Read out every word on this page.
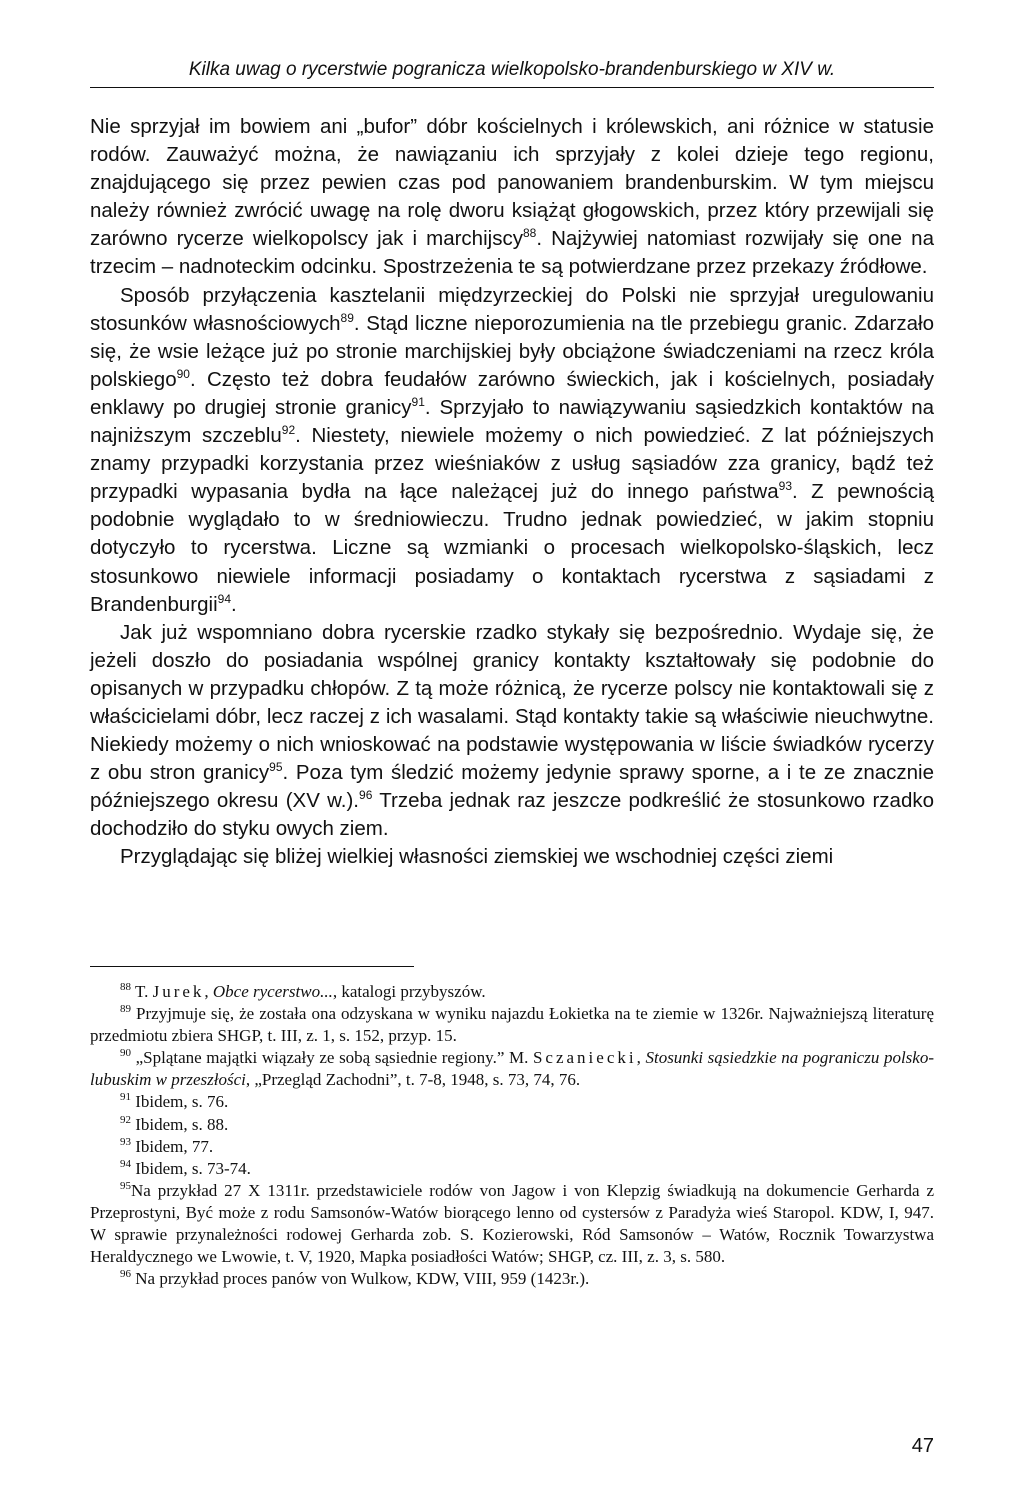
Kilka uwag o rycerstwie pogranicza wielkopolsko-brandenburskiego w XIV w.

Nie sprzyjał im bowiem ani „bufor” dóbr kościelnych i królewskich, ani różnice w statusie rodów. Zauważyć można, że nawiązaniu ich sprzyjały z kolei dzieje tego regionu, znajdującego się przez pewien czas pod panowaniem brandenburskim. W tym miejscu należy również zwrócić uwagę na rolę dworu książąt głogowskich, przez który przewijali się zarówno rycerze wielkopolscy jak i marchijscy$^{88}$. Najżywiej natomiast rozwijały się one na trzecim – nadnoteckim odcinku. Spostrzeżenia te są potwierdzane przez przekazy źródłowe.

Sposób przyłączenia kasztelanii międzyrzeckiej do Polski nie sprzyjał uregulowaniu stosunków własnościowych$^{89}$. Stąd liczne nieporozumienia na tle przebiegu granic. Zdarzało się, że wsie leżące już po stronie marchijskiej były obciążone świadczeniami na rzecz króla polskiego$^{90}$. Często też dobra feudałów zarówno świeckich, jak i kościelnych, posiadały enklawy po drugiej stronie granicy$^{91}$. Sprzyjało to nawiązywaniu sąsiedzkich kontaktów na najniższym szczeblu$^{92}$. Niestety, niewiele możemy o nich powiedzieć. Z lat późniejszych znamy przypadki korzystania przez wieśniaków z usług sąsiadów zza granicy, bądź też przypadki wypasania bydła na łące należącej już do innego państwa$^{93}$. Z pewnością podobnie wyglądało to w średniowieczu. Trudno jednak powiedzieć, w jakim stopniu dotyczyło to rycerstwa. Liczne są wzmianki o procesach wielkopolsko-śląskich, lecz stosunkowo niewiele informacji posiadamy o kontaktach rycerstwa z sąsiadami z Brandenburgii$^{94}$.

Jak już wspomniano dobra rycerskie rzadko stykały się bezpośrednio. Wydaje się, że jeżeli doszło do posiadania wspólnej granicy kontakty kształtowały się podobnie do opisanych w przypadku chłopów. Z tą może różnicą, że rycerze polscy nie kontaktowali się z właścicielami dóbr, lecz raczej z ich wasalami. Stąd kontakty takie są właściwie nieuchwytne. Niekiedy możemy o nich wnioskować na podstawie występowania w liście świadków rycerzy z obu stron granicy$^{95}$. Poza tym śledzić możemy jedynie sprawy sporne, a i te ze znacznie późniejszego okresu (XV w.).$^{96}$ Trzeba jednak raz jeszcze podkreślić że stosunkowo rzadko dochodziło do styku owych ziem.

Przyglądając się bliżej wielkiej własności ziemskiej we wschodniej części ziemi

$^{88}$ T. Jurek, Obce rycerstwo..., katalogi przybyszów.

$^{89}$ Przyjmuje się, że została ona odzyskana w wyniku najazdu Łokietka na te ziemie w 1326r. Najważniejszą literaturę przedmiotu zbiera SHGP, t. III, z. 1, s. 152, przyp. 15.

$^{90}$ „Splątane majątki wiązały ze sobą sąsiednie regiony.” M. Sczaniecki, Stosunki sąsiedzkie na pograniczu polsko-lubuskim w przeszłości, „Przegląd Zachodni”, t. 7-8, 1948, s. 73, 74, 76.

$^{91}$ Ibidem, s. 76.

$^{92}$ Ibidem, s. 88.

$^{93}$ Ibidem, 77.

$^{94}$ Ibidem, s. 73-74.

$^{95}$Na przykład 27 X 1311r. przedstawiciele rodów von Jagow i von Klepzig świadkują na dokumencie Gerharda z Przeprostyni, Być może z rodu Samsonów-Watów biorącego lenno od cystersów z Paradyża wieś Staropol. KDW, I, 947. W sprawie przynależności rodowej Gerharda zob. S. Kozierowski, Ród Samsonów – Watów, Rocznik Towarzystwa Heraldycznego we Lwowie, t. V, 1920, Mapka posiadłości Watów; SHGP, cz. III, z. 3, s. 580.

$^{96}$ Na przykład proces panów von Wulkow, KDW, VIII, 959 (1423r.).

47
